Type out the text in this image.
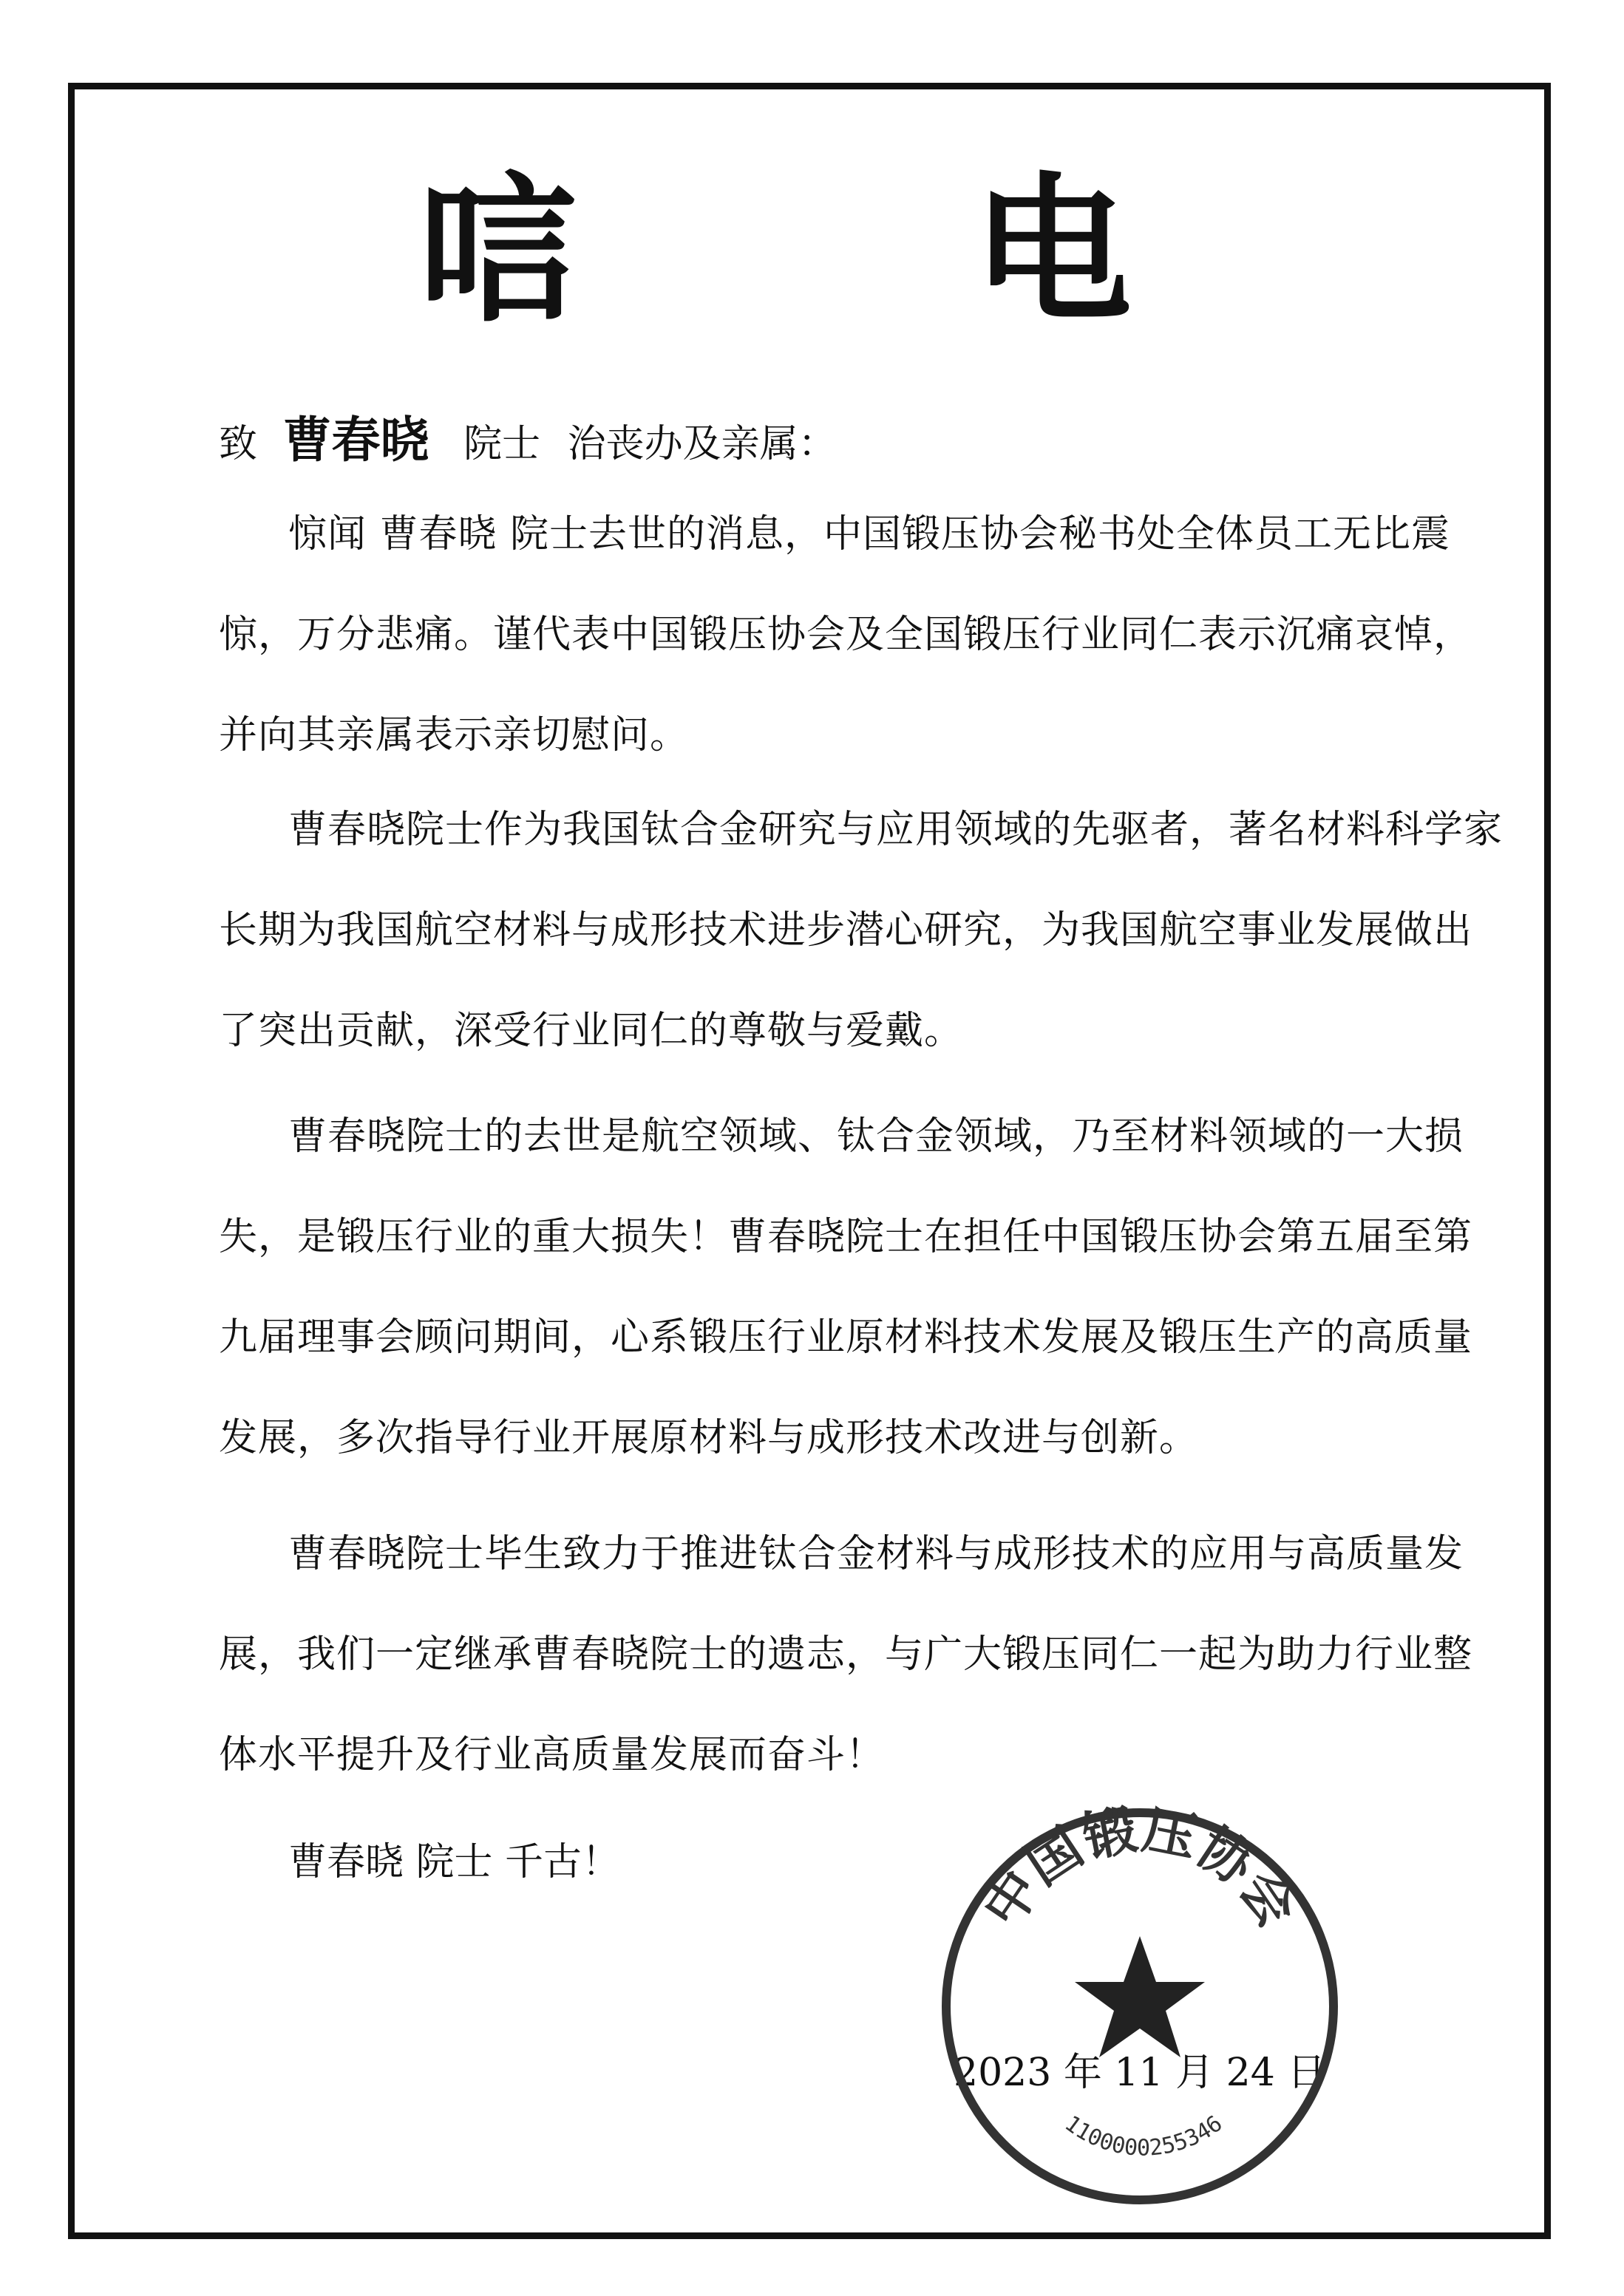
唁 电
致 曹春晓 院士 治丧办及亲属：

惊闻 曹春晓 院士去世的消息，中国锻压协会秘书处全体员工无比震惊，万分悲痛。谨代表中国锻压协会及全国锻压行业同仁表示沉痛哀悼，并向其亲属表示亲切慰问。

曹春晓院士作为我国钛合金研究与应用领域的先驱者，著名材料科学家长期为我国航空材料与成形技术进步潜心研究，为我国航空事业发展做出了突出贡献，深受行业同仁的尊敬与爱戴。

曹春晓院士的去世是航空领域、钛合金领域，乃至材料领域的一大损失，是锻压行业的重大损失！曹春晓院士在担任中国锻压协会第五届至第九届理事会顾问期间，心系锻压行业原材料技术发展及锻压生产的高质量发展，多次指导行业开展原材料与成形技术改进与创新。

曹春晓院士毕生致力于推进钛合金材料与成形技术的应用与高质量发展，我们一定继承曹春晓院士的遗志，与广大锻压同仁一起为助力行业整体水平提升及行业高质量发展而奋斗！

曹春晓 院士 千古！
2023 年 11 月 24 日
中国锻压协会
1100000255346
